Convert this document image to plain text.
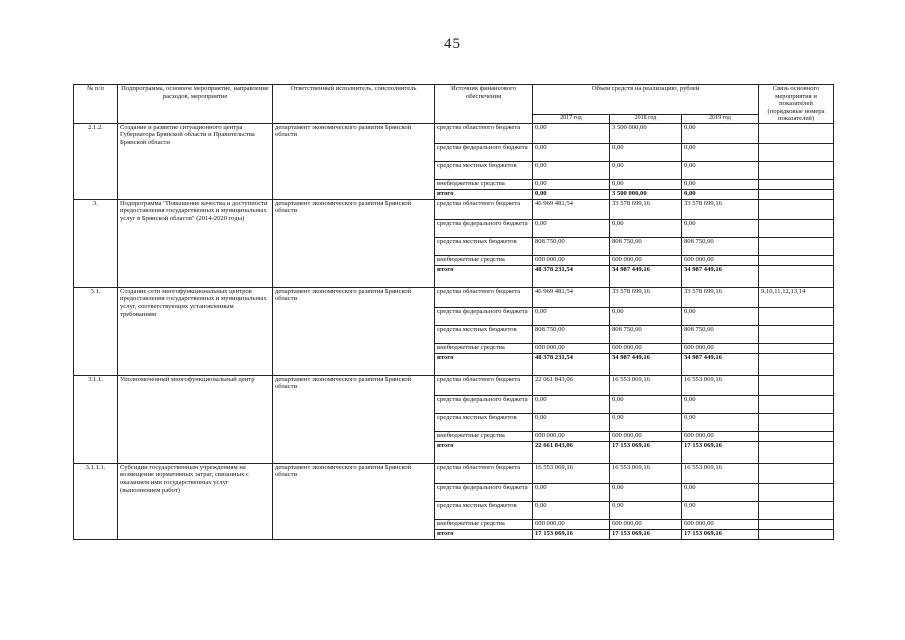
45
№ п/п	Подпрограмма, основное мероприятие, направление расходов, мероприятие	Ответственный исполнитель, соисполнитель	Источник финансового обеспечения	Объем средств на реализацию, рублей			Связь основного мероприятия и показателей (порядковые номера показателей)
				2017 год	2018 год	2019 год	
2.1.2.	Создание и развитие ситуационного центра Губернатора Брянской области и Правительства Брянской области	департамент экономического развития Брянской области	средства областного бюджета	0,00	3 500 000,00	0,00	
			средства федерального бюджета	0,00	0,00	0,00	
			средства местных бюджетов	0,00	0,00	0,00	
			внебюджетные средства	0,00	0,00	0,00	
			итого	0,00	3 500 000,00	0,00	
3.	Подпрограмма "Повышение качества и доступности предоставления государственных и муниципальных услуг в Брянской области" (2014-2020 годы)	департамент экономического развития Брянской области	средства областного бюджета	46 969 481,54	33 578 699,16	33 578 699,16	
			средства федерального бюджета	0,00	0,00	0,00	
			средства местных бюджетов	808 750,00	808 750,00	808 750,00	
			внебюджетные средства	600 000,00	600 000,00	600 000,00	
			итого	48 378 231,54	34 987 449,16	34 987 449,16	
3.1.	Создание сети многофункциональных центров предоставления государственных и муниципальных услуг, соответствующих установленным требованиям	департамент экономического развития Брянской области	средства областного бюджета	46 969 481,54	33 578 699,16	33 578 699,16	9,10,11,12,13,14
			средства федерального бюджета	0,00	0,00	0,00	
			средства местных бюджетов	808 750,00	808 750,00	808 750,00	
			внебюджетные средства	600 000,00	600 000,00	600 000,00	
			итого	48 378 231,54	34 987 449,16	34 987 449,16	
3.1.1.	Уполномоченный многофункциональный центр	департамент экономического развития Брянской области	средства областного бюджета	22 061 843,06	16 553 069,16	16 553 069,16	
			средства федерального бюджета	0,00	0,00	0,00	
			средства местных бюджетов	0,00	0,00	0,00	
			внебюджетные средства	600 000,00	600 000,00	600 000,00	
			итого	22 661 843,06	17 153 069,16	17 153 069,16	
3.1.1.1.	Субсидии государственным учреждениям на возмещение нормативных затрат, связанных с оказанием ими государственных услуг (выполнением работ)	департамент экономического развития Брянской области	средства областного бюджета	16 553 069,16	16 553 069,16	16 553 069,16	
			средства федерального бюджета	0,00	0,00	0,00	
			средства местных бюджетов	0,00	0,00	0,00	
			внебюджетные средства	600 000,00	600 000,00	600 000,00	
			итого	17 153 069,16	17 153 069,16	17 153 069,16	
